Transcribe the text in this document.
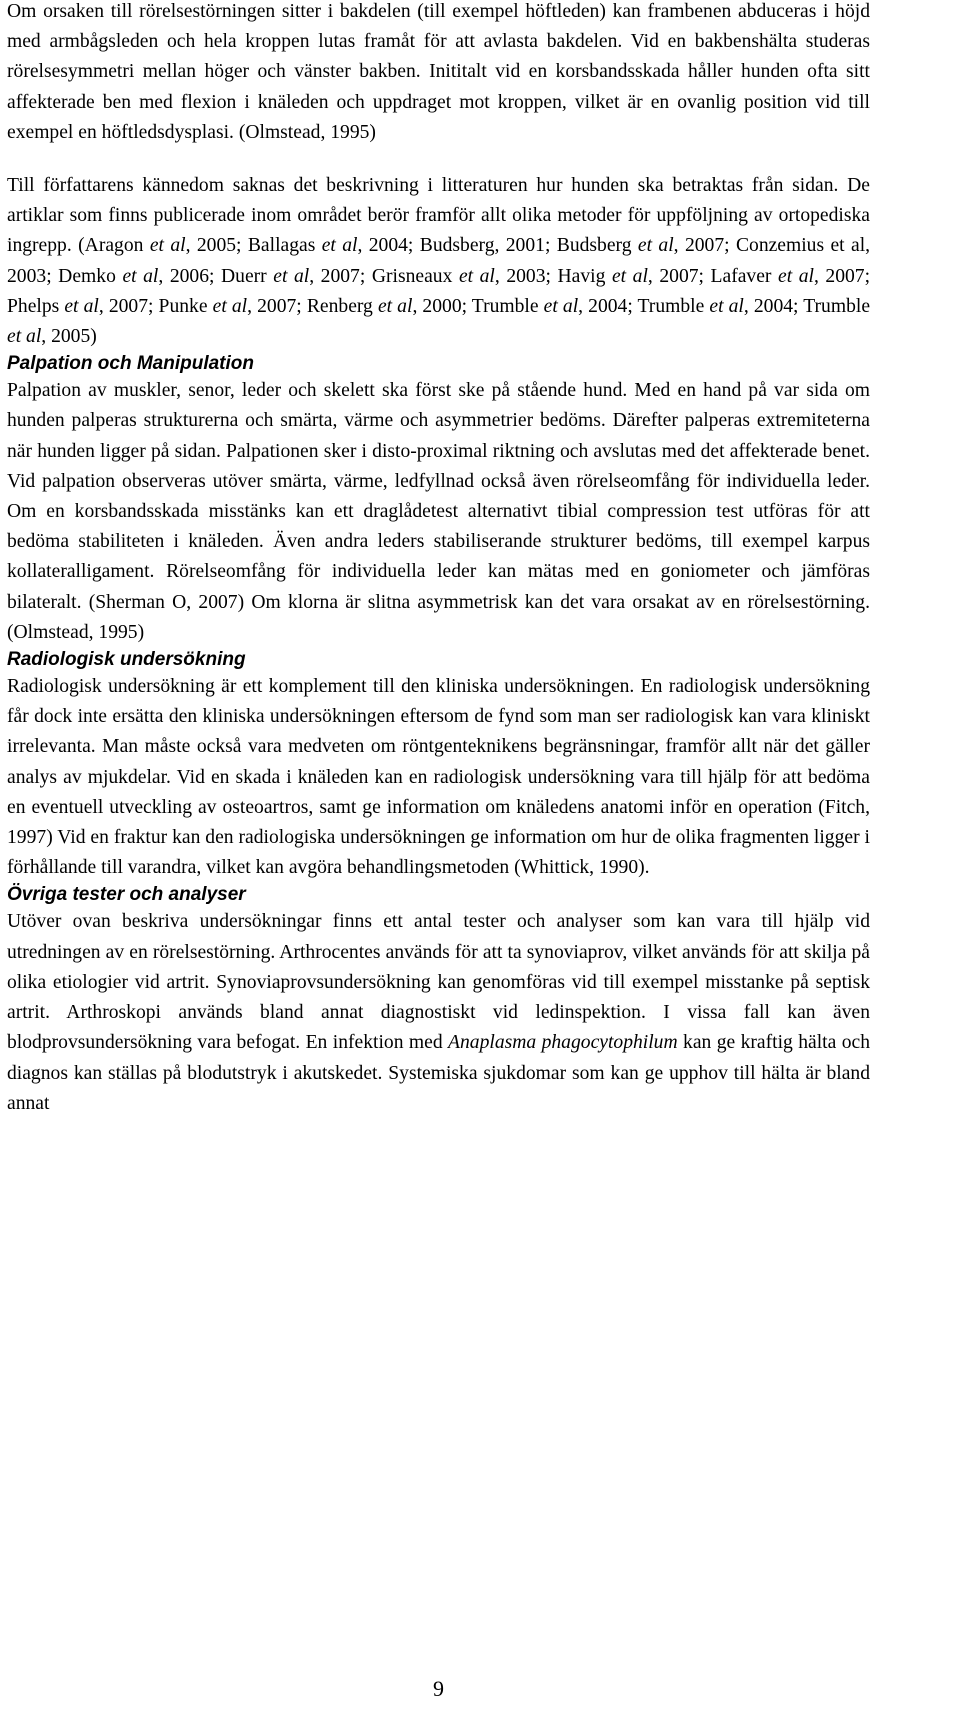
Om orsaken till rörelsestörningen sitter i bakdelen (till exempel höftleden) kan frambenen abduceras i höjd med armbågsleden och hela kroppen lutas framåt för att avlasta bakdelen. Vid en bakbenshälta studeras rörelsesymmetri mellan höger och vänster bakben. Inititalt vid en korsbandsskada håller hunden ofta sitt affekterade ben med flexion i knäleden och uppdraget mot kroppen, vilket är en ovanlig position vid till exempel en höftledsdysplasi. (Olmstead, 1995)

Till författarens kännedom saknas det beskrivning i litteraturen hur hunden ska betraktas från sidan. De artiklar som finns publicerade inom området berör framför allt olika metoder för uppföljning av ortopediska ingrepp. (Aragon et al, 2005; Ballagas et al, 2004; Budsberg, 2001; Budsberg et al, 2007; Conzemius et al, 2003; Demko et al, 2006; Duerr et al, 2007; Grisneaux et al, 2003; Havig et al, 2007; Lafaver et al, 2007; Phelps et al, 2007; Punke et al, 2007; Renberg et al, 2000; Trumble et al, 2004; Trumble et al, 2004; Trumble et al, 2005)

Palpation och Manipulation

Palpation av muskler, senor, leder och skelett ska först ske på stående hund. Med en hand på var sida om hunden palperas strukturerna och smärta, värme och asymmetrier bedöms. Därefter palperas extremiteterna när hunden ligger på sidan. Palpationen sker i disto-proximal riktning och avslutas med det affekterade benet. Vid palpation observeras utöver smärta, värme, ledfyllnad också även rörelseomfång för individuella leder. Om en korsbandsskada misstänks kan ett draglådetest alternativt tibial compression test utföras för att bedöma stabiliteten i knäleden. Även andra leders stabiliserande strukturer bedöms, till exempel karpus kollateralligament. Rörelseomfång för individuella leder kan mätas med en goniometer och jämföras bilateralt. (Sherman O, 2007) Om klorna är slitna asymmetrisk kan det vara orsakat av en rörelsestörning. (Olmstead, 1995)

Radiologisk undersökning

Radiologisk undersökning är ett komplement till den kliniska undersökningen. En radiologisk undersökning får dock inte ersätta den kliniska undersökningen eftersom de fynd som man ser radiologisk kan vara kliniskt irrelevanta. Man måste också vara medveten om röntgenteknikens begränsningar, framför allt när det gäller analys av mjukdelar. Vid en skada i knäleden kan en radiologisk undersökning vara till hjälp för att bedöma en eventuell utveckling av osteoartros, samt ge information om knäledens anatomi inför en operation (Fitch, 1997) Vid en fraktur kan den radiologiska undersökningen ge information om hur de olika fragmenten ligger i förhållande till varandra, vilket kan avgöra behandlingsmetoden (Whittick, 1990).

Övriga tester och analyser

Utöver ovan beskriva undersökningar finns ett antal tester och analyser som kan vara till hjälp vid utredningen av en rörelsestörning. Arthrocentes används för att ta synoviaprov, vilket används för att skilja på olika etiologier vid artrit. Synoviaprovsundersökning kan genomföras vid till exempel misstanke på septisk artrit. Arthroskopi används bland annat diagnostiskt vid ledinspektion. I vissa fall kan även blodprovsundersökning vara befogat. En infektion med Anaplasma phagocytophilum kan ge kraftig hälta och diagnos kan ställas på blodutstryk i akutskedet. Systemiska sjukdomar som kan ge upphov till hälta är bland annat

9
